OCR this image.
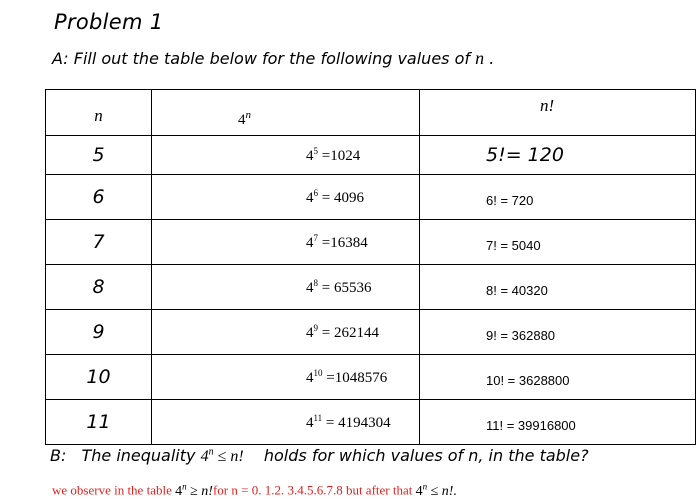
Problem 1
A: Fill out the table below for the following values of n .
n	4$^n$	n!
5	$4^5 =1024$	5!= 120
6	$4^6 = 4096$	6! = 720
7	$4^7 =16384$	7! = 5040
8	$4^8 = 65536$	8! = 40320
9	$4^9 = 262144$	9! = 362880
10	$4^{10} =1048576$	10! = 3628800
11	$4^{11} = 4194304$	11! = 39916800
B: The inequality $4^n \le n$! holds for which values of n, in the table?
we observe in the table $4^n \ge n!for$ n = 0. 1.2. 3.4.5.6.7.8 but after that $4^n \le n$!.
